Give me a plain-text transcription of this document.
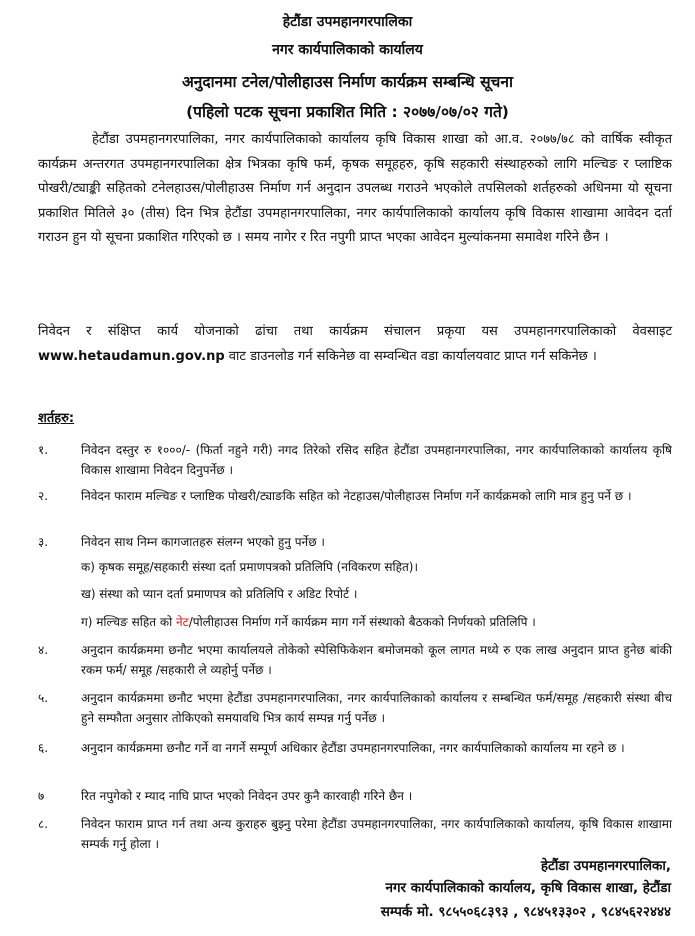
हेटौंडा उपमहानगरपालिका
नगर कार्यपालिकाको कार्यालय
अनुदानमा टनेल/पोलीहाउस निर्माण कार्यक्रम सम्बन्धि सूचना
(पहिलो पटक सूचना प्रकाशित मिति : २०७७/०७/०२ गते)

हेटौंडा उपमहानगरपालिका, नगर कार्यपालिकाको कार्यालय कृषि विकास शाखा को आ.व. २०७७/७८ को वार्षिक स्वीकृत कार्यक्रम अन्तरगत उपमहानगरपालिका क्षेत्र भित्रका कृषि फर्म, कृषक समूहहरु, कृषि सहकारी संस्थाहरुको लागि मल्चिङ र प्लाष्टिक पोखरी/ट्याङ्की सहितको टनेलहाउस/पोलीहाउस निर्माण गर्न अनुदान उपलब्ध गराउने भएकोले तपसिलको शर्तहरुको अधिनमा यो सूचना प्रकाशित मितिले ३० (तीस) दिन भित्र हेटौंडा उपमहानगरपालिका, नगर कार्यपालिकाको कार्यालय कृषि विकास शाखामा आवेदन दर्ता गराउन हुन यो सूचना प्रकाशित गरिएको छ । समय नागेर र रित नपुगी प्राप्त भएका आवेदन मुल्यांकनमा समावेश गरिने छैन ।

निवेदन र संक्षिप्त कार्य योजनाको ढांचा तथा कार्यक्रम संचालन प्रकृया यस उपमहानगरपालिकाको वेवसाइट www.hetaudamun.gov.np वाट डाउनलोड गर्न सकिनेछ वा सम्वन्धित वडा कार्यालयवाट प्राप्त गर्न सकिनेछ ।

शर्तहरु:
१.	निवेदन दस्तुर रु १०००/- (फिर्ता नहुने गरी) नगद तिरेको रसिद सहित हेटौंडा उपमहानगरपालिका, नगर कार्यपालिकाको कार्यालय कृषि विकास शाखामा निवेदन दिनुपर्नेछ ।
२.	निवेदन फाराम मल्चिङ र प्लाष्टिक पोखरी/ट्याङकि सहित को नेटहाउस/पोलीहाउस निर्माण गर्ने कार्यक्रमको लागि मात्र हुनु पर्ने छ ।
३.	निवेदन साथ निम्न कागजातहरु संलग्न भएको हुनु पर्नेछ ।
क) कृषक समूह/सहकारी संस्था दर्ता प्रमाणपत्रको प्रतिलिपि (नविकरण सहित)।
ख) संस्था को प्यान दर्ता प्रमाणपत्र को प्रतिलिपि र अडिट रिपोर्ट ।
ग) मल्चिङ सहित को नेट/पोलीहाउस निर्माण गर्ने कार्यक्रम माग गर्ने संस्थाको बैठकको निर्णयको प्रतिलिपि ।
४.	अनुदान कार्यक्रममा छनौट भएमा कार्यालयले तोकेको स्पेसिफिकेशन बमोजमको कूल लागत मध्ये रु एक लाख अनुदान प्राप्त हुनेछ बांकी रकम फर्म/ समूह /सहकारी ले व्यहोर्नु पर्नेछ ।
५.	अनुदान कार्यक्रममा छनौट भएमा हेटौंडा उपमहानगरपालिका, नगर कार्यपालिकाको कार्यालय र सम्बन्धित फर्म/समूह /सहकारी संस्था बीच हुने सम्फौता अनुसार तोकिएको समयावधि भित्र कार्य सम्पन्न गर्नु पर्नेछ ।
६.	अनुदान कार्यक्रममा छनौट गर्ने वा नगर्ने सम्पूर्ण अधिकार हेटौंडा उपमहानगरपालिका, नगर कार्यपालिकाको कार्यालय मा रहने छ ।
७	रित नपुगेको र म्याद नाघि प्राप्त भएको निवेदन उपर कुनै कारवाही गरिने छैन ।
८.	निवेदन फाराम प्राप्त गर्न तथा अन्य कुराहरु बुझ्नु परेमा हेटौंडा उपमहानगरपालिका, नगर कार्यपालिकाको कार्यालय, कृषि विकास शाखामा सम्पर्क गर्नु होला ।
हेटौंडा उपमहानगरपालिका,
नगर कार्यपालिकाको कार्यालय, कृषि विकास शाखा, हेटौंडा
सम्पर्क मो. ९८५५०६८३९३ , ९८४५१३३०२ , ९८४५६२२४४४
